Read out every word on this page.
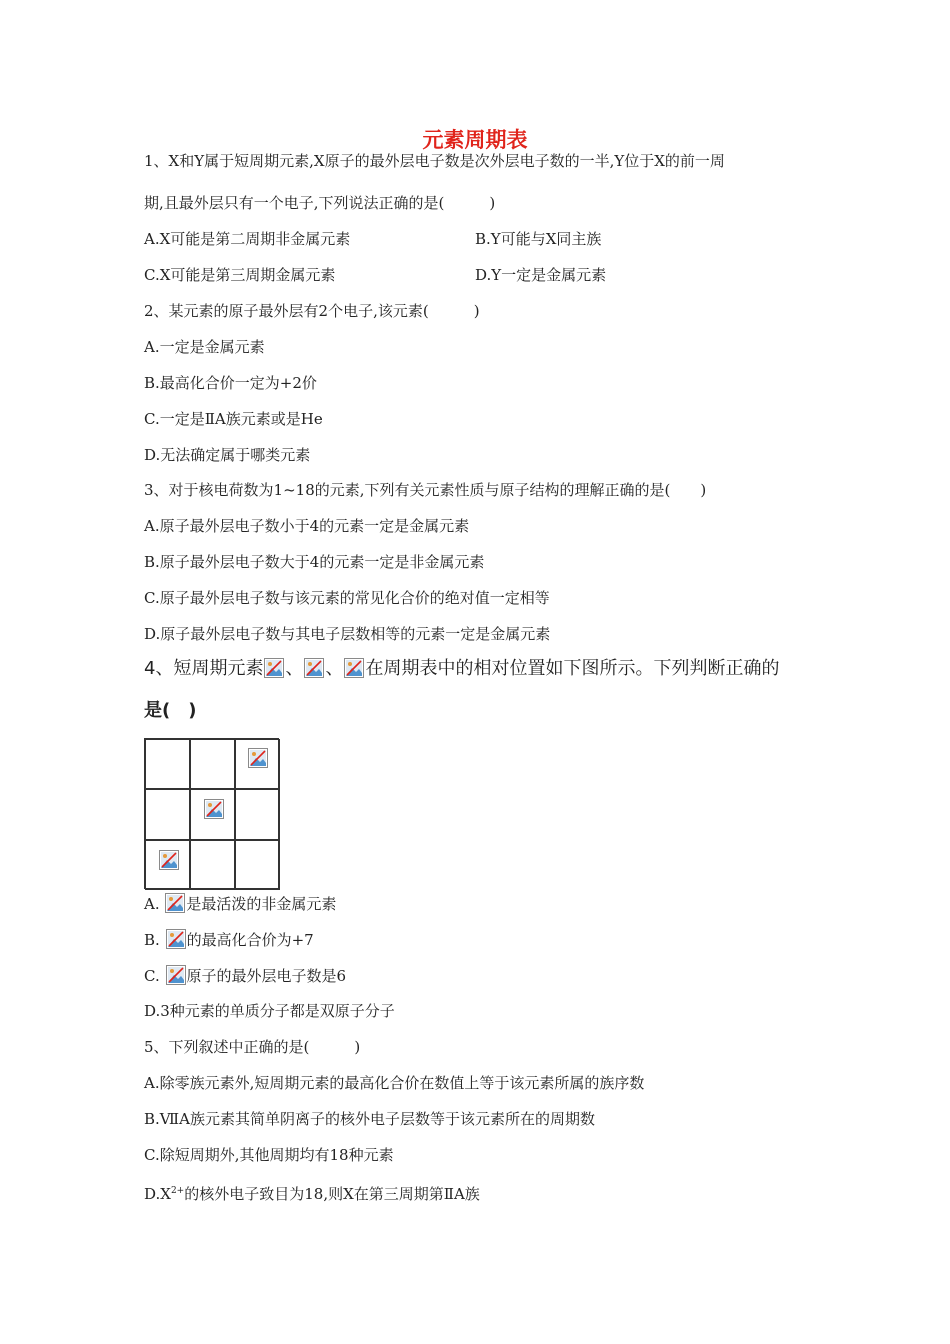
元素周期表
1、X和Y属于短周期元素,X原子的最外层电子数是次外层电子数的一半,Y位于X的前一周
期,且最外层只有一个电子,下列说法正确的是(　　　)
A.X可能是第二周期非金属元素	B.Y可能与X同主族
C.X可能是第三周期金属元素	D.Y一定是金属元素
2、某元素的原子最外层有2个电子,该元素(　　　)
A.一定是金属元素
B.最高化合价一定为+2价
C.一定是ⅡA族元素或是He
D.无法确定属于哪类元素
3、对于核电荷数为1~18的元素,下列有关元素性质与原子结构的理解正确的是(　　)
A.原子最外层电子数小于4的元素一定是金属元素
B.原子最外层电子数大于4的元素一定是非金属元素
C.原子最外层电子数与该元素的常见化合价的绝对值一定相等
D.原子最外层电子数与其电子层数相等的元素一定是金属元素
4、短周期元素 、 、 在周期表中的相对位置如下图所示。下列判断正确的
是(　)
A. 是最活泼的非金属元素
B. 的最高化合价为+7
C. 原子的最外层电子数是6
D.3种元素的单质分子都是双原子分子
5、下列叙述中正确的是(　　　)
A.除零族元素外,短周期元素的最高化合价在数值上等于该元素所属的族序数
B.ⅦA族元素其简单阴离子的核外电子层数等于该元素所在的周期数
C.除短周期外,其他周期均有18种元素
$D.X^{2+}$的核外电子致目为18,则X在第三周期第ⅡA族
